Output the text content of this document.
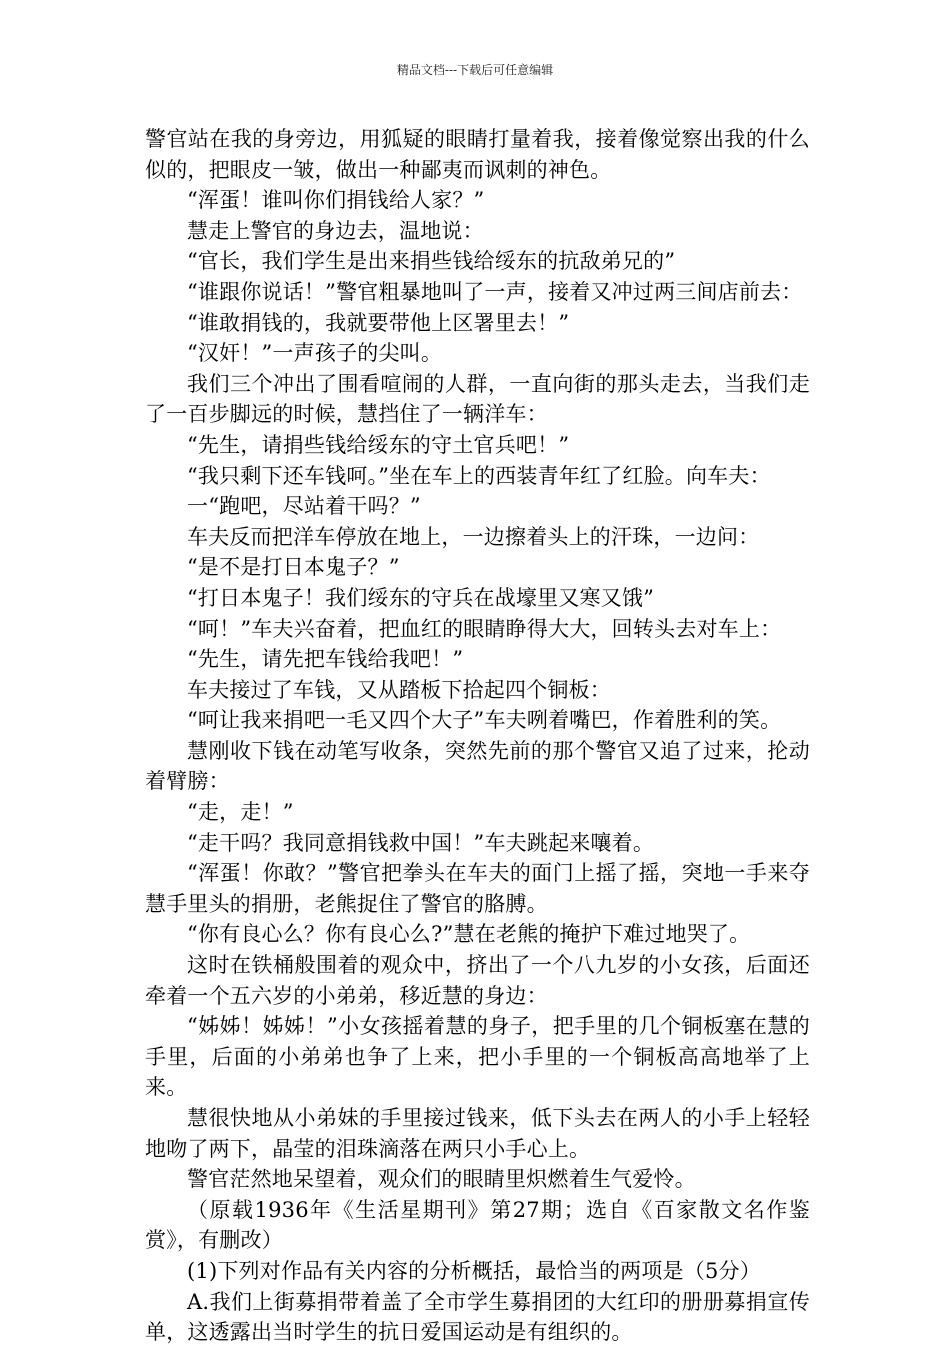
精品文档---下载后可任意编辑

警官站在我的身旁边，用狐疑的眼睛打量着我，接着像觉察出我的什么似的，把眼皮一皱，做出一种鄙夷而讽刺的神色。

“浑蛋！谁叫你们捐钱给人家？”

慧走上警官的身边去，温地说：

“官长，我们学生是出来捐些钱给绥东的抗敌弟兄的”

“谁跟你说话！”警官粗暴地叫了一声，接着又冲过两三间店前去：

“谁敢捐钱的，我就要带他上区署里去！”

“汉奸！”一声孩子的尖叫。

我们三个冲出了围看喧闹的人群，一直向街的那头走去，当我们走了一百步脚远的时候，慧挡住了一辆洋车：

“先生，请捐些钱给绥东的守土官兵吧！”

“我只剩下还车钱呵。”坐在车上的西装青年红了红脸。向车夫：

一“跑吧，尽站着干吗？”

车夫反而把洋车停放在地上，一边擦着头上的汗珠，一边问：

“是不是打日本鬼子？”

“打日本鬼子！我们绥东的守兵在战壕里又寒又饿”

“呵！”车夫兴奋着，把血红的眼睛睁得大大，回转头去对车上：

“先生，请先把车钱给我吧！”

车夫接过了车钱，又从踏板下拾起四个铜板：

“呵让我来捐吧一毛又四个大子”车夫咧着嘴巴，作着胜利的笑。

慧刚收下钱在动笔写收条，突然先前的那个警官又追了过来，抡动着臂膀：

“走，走！”

“走干吗？我同意捐钱救中国！”车夫跳起来嚷着。

“浑蛋！你敢？”警官把拳头在车夫的面门上摇了摇，突地一手来夺慧手里头的捐册，老熊捉住了警官的胳膊。

“你有良心么？你有良心么?”慧在老熊的掩护下难过地哭了。

这时在铁桶般围着的观众中，挤出了一个八九岁的小女孩，后面还牵着一个五六岁的小弟弟，移近慧的身边：

“姊姊！姊姊！”小女孩摇着慧的身子，把手里的几个铜板塞在慧的手里，后面的小弟弟也争了上来，把小手里的一个铜板高高地举了上来。

慧很快地从小弟妹的手里接过钱来，低下头去在两人的小手上轻轻地吻了两下，晶莹的泪珠滴落在两只小手心上。

警官茫然地呆望着，观众们的眼睛里炽燃着生气爱怜。

（原载1936年《生活星期刊》第27期；选自《百家散文名作鉴赏》，有删改）

(1)下列对作品有关内容的分析概括，最恰当的两项是（5分）

A.我们上街募捐带着盖了全市学生募捐团的大红印的册册募捐宣传单，这透露出当时学生的抗日爱国运动是有组织的。
